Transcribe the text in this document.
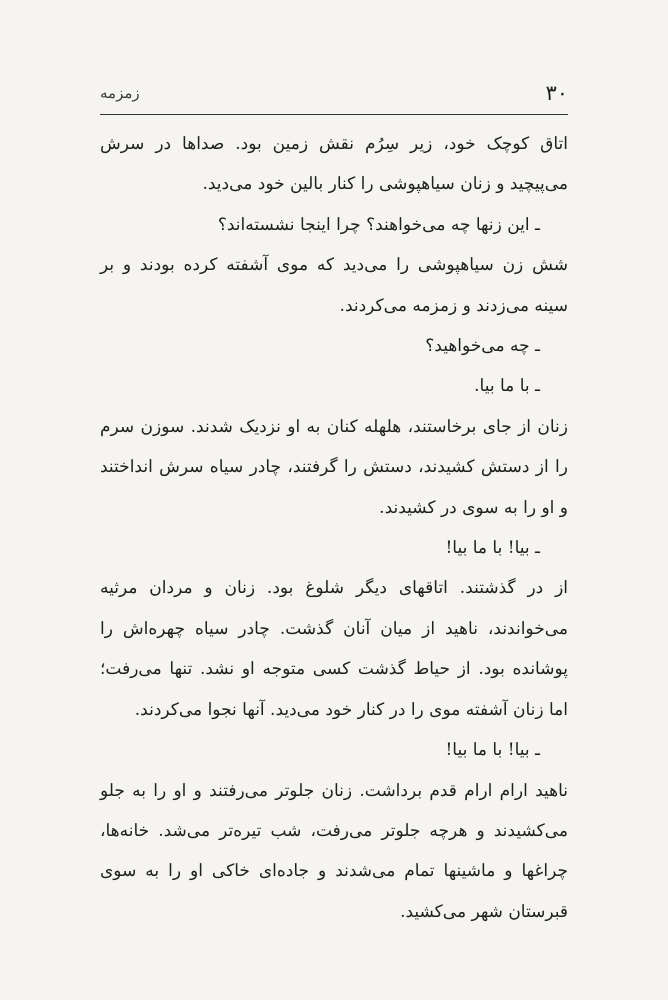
۳۰
زمزمه

اتاق کوچک خود، زیر سِرُم نقش زمین بود. صداها در سرش می‌پیچید و زنان سیاهپوشی را کنار بالین خود می‌دید.

ـ این زنها چه می‌خواهند؟ چرا اینجا نشسته‌اند؟

شش زن سیاهپوشی را می‌دید که موی آشفته کرده بودند و بر سینه می‌زدند و زمزمه می‌کردند.

ـ چه می‌خواهید؟

ـ با ما بیا.

زنان از جای برخاستند، هلهله کنان به او نزدیک شدند. سوزن سرم را از دستش کشیدند، دستش را گرفتند، چادر سیاه سرش انداختند و او را به سوی در کشیدند.

ـ بیا! با ما بیا!

از در گذشتند. اتاقهای دیگر شلوغ بود. زنان و مردان مرثیه می‌خواندند، ناهید از میان آنان گذشت. چادر سیاه چهره‌اش را پوشانده بود. از حیاط گذشت کسی متوجه او نشد. تنها می‌رفت؛ اما زنان آشفته موی را در کنار خود می‌دید. آنها نجوا می‌کردند.

ـ بیا! با ما بیا!

ناهید ارام ارام قدم برداشت. زنان جلوتر می‌رفتند و او را به جلو می‌کشیدند و هرچه جلوتر می‌رفت، شب تیره‌تر می‌شد. خانه‌ها، چراغها و ماشینها تمام می‌شدند و جاده‌ای خاکی او را به سوی قبرستان شهر می‌کشید.
